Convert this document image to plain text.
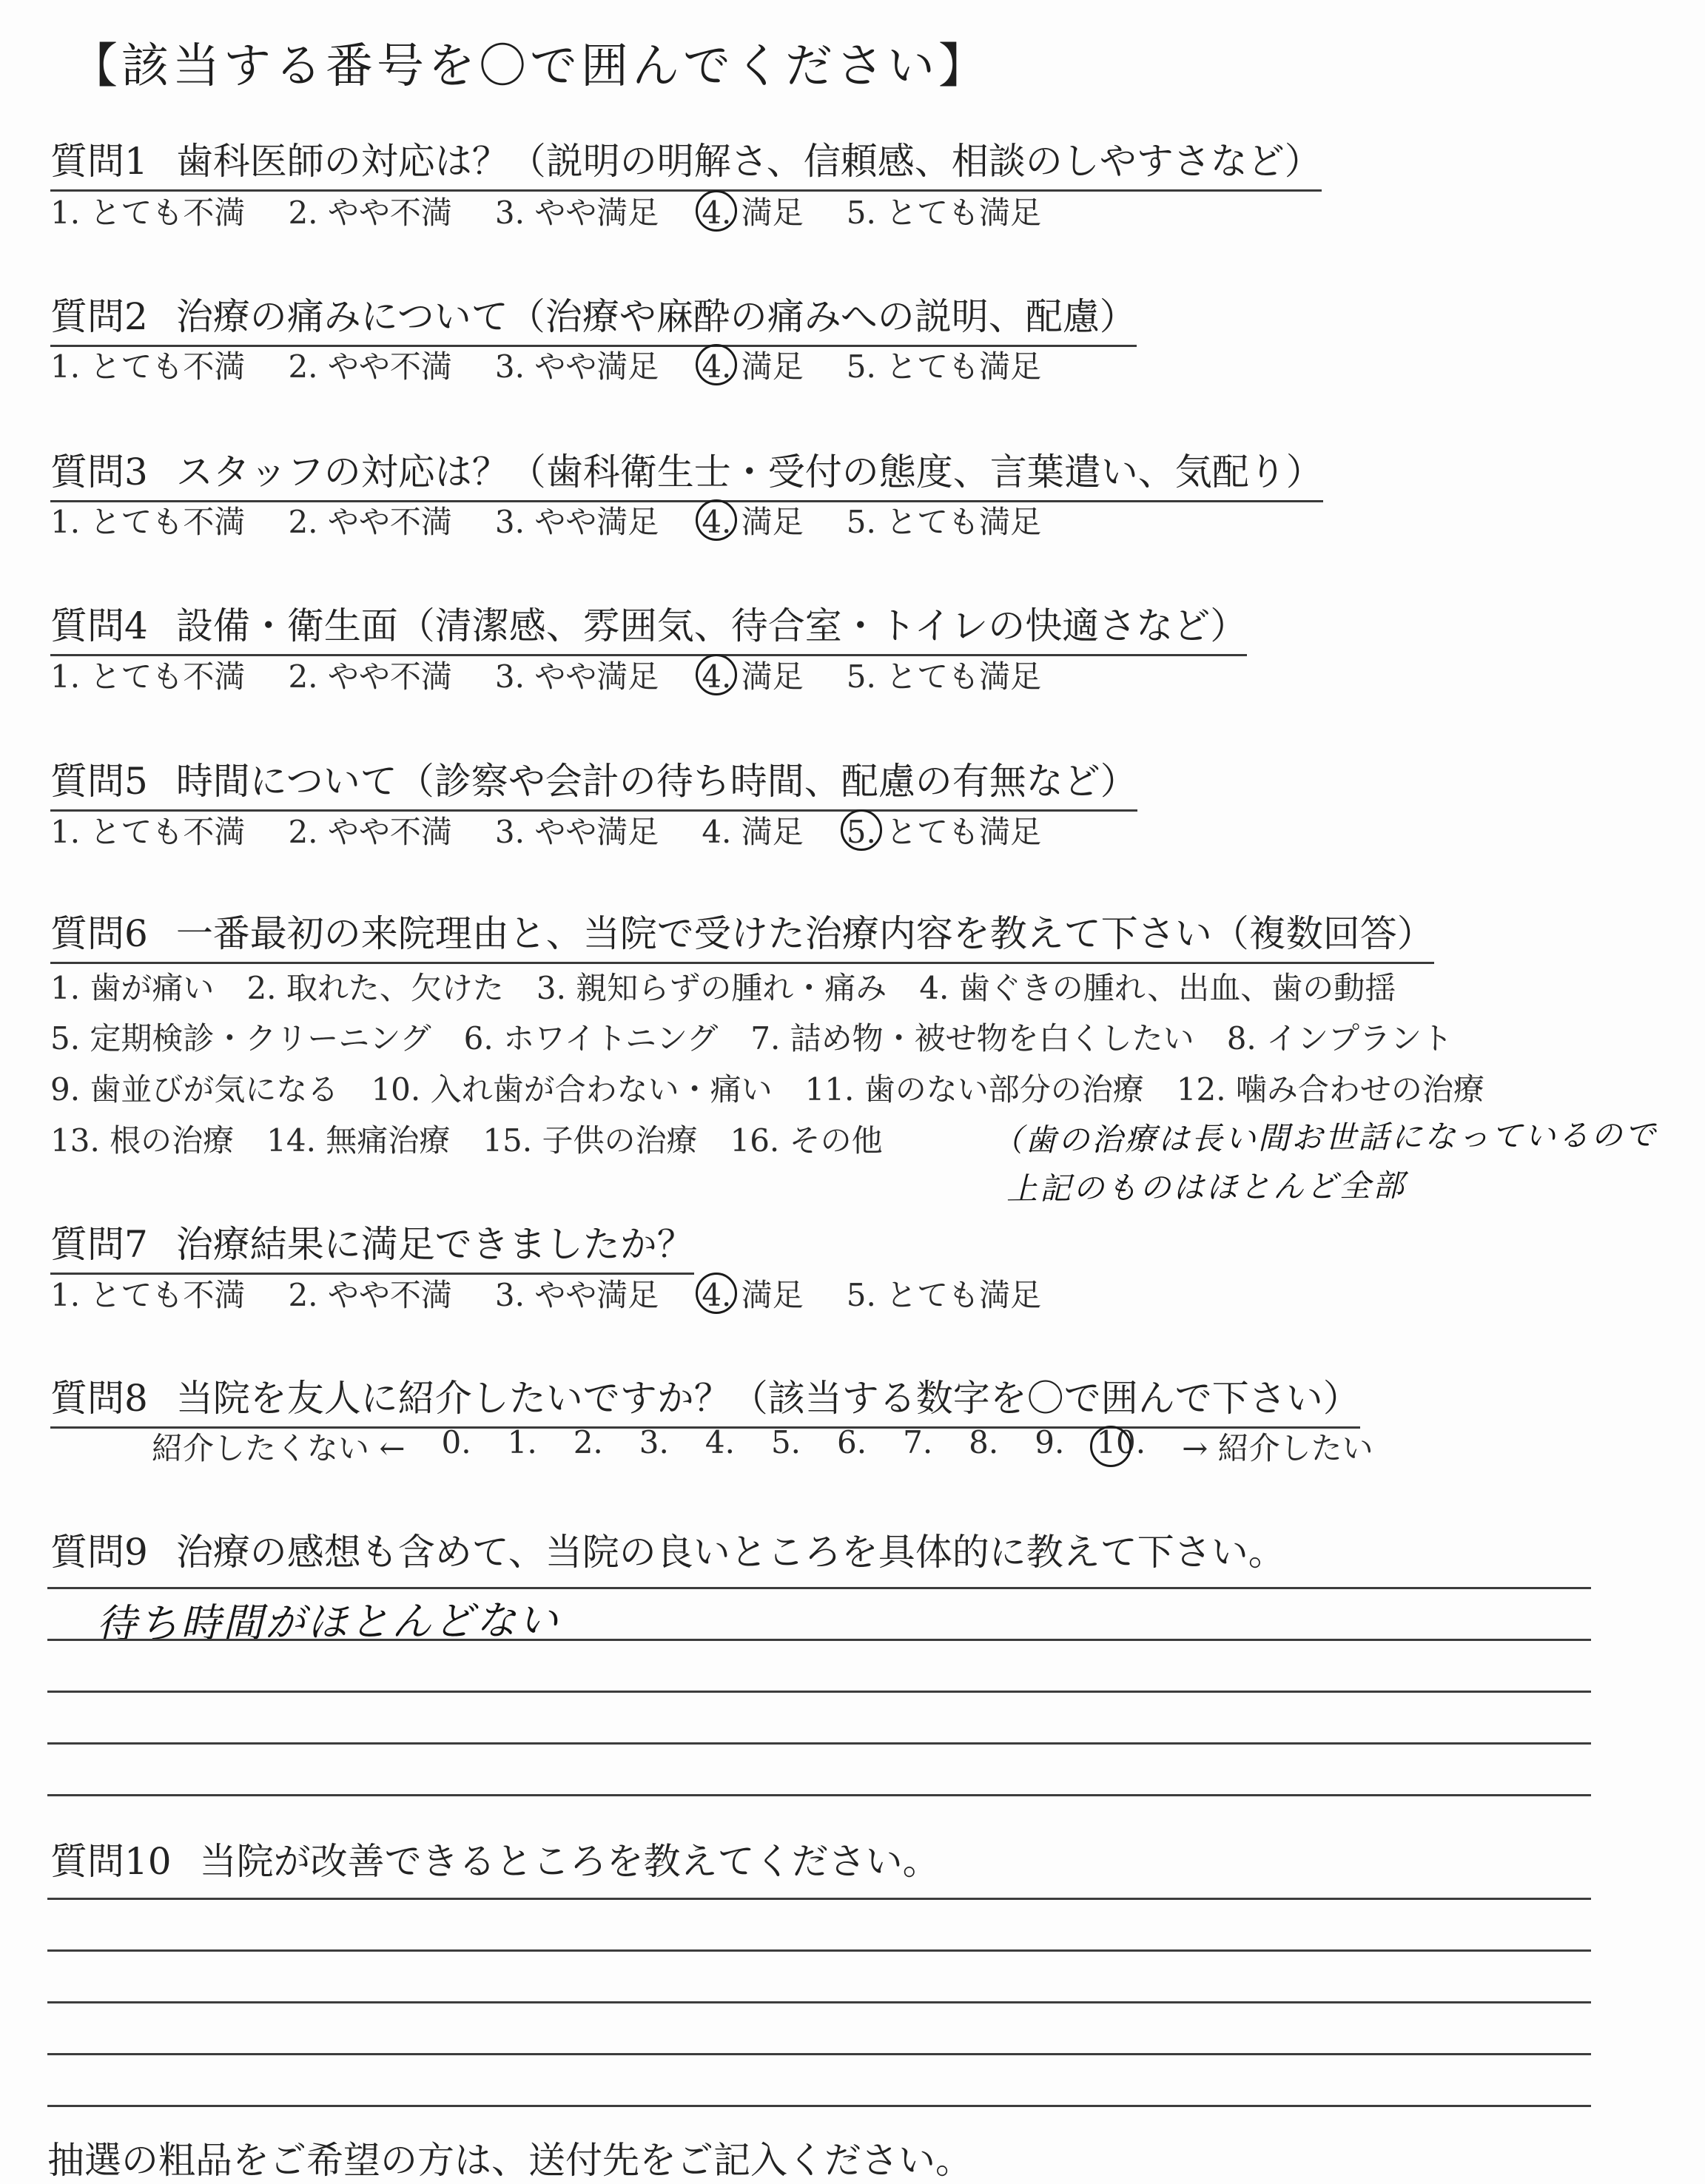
【該当する番号を〇で囲んでください】
質問1 歯科医師の対応は？（説明の明解さ、信頼感、相談のしやすさなど）
1. とても不満 2. やや不満 3. やや満足 4. 満足 5. とても満足
質問2 治療の痛みについて（治療や麻酔の痛みへの説明、配慮）
1. とても不満 2. やや不満 3. やや満足 4. 満足 5. とても満足
質問3 スタッフの対応は？（歯科衛生士・受付の態度、言葉遣い、気配り）
1. とても不満 2. やや不満 3. やや満足 4. 満足 5. とても満足
質問4 設備・衛生面（清潔感、雰囲気、待合室・トイレの快適さなど）
1. とても不満 2. やや不満 3. やや満足 4. 満足 5. とても満足
質問5 時間について（診察や会計の待ち時間、配慮の有無など）
1. とても不満 2. やや不満 3. やや満足 4. 満足 5. とても満足
質問6 一番最初の来院理由と、当院で受けた治療内容を教えて下さい（複数回答）
1. 歯が痛い 2. 取れた、欠けた 3. 親知らずの腫れ・痛み 4. 歯ぐきの腫れ、出血、歯の動揺
5. 定期検診・クリーニング 6. ホワイトニング 7. 詰め物・被せ物を白くしたい 8. インプラント
9. 歯並びが気になる 10. 入れ歯が合わない・痛い 11. 歯のない部分の治療 12. 噛み合わせの治療
13. 根の治療 14. 無痛治療 15. 子供の治療 16. その他	（歯の治療は長い間お世話になっているので
上記のものはほとんど全部
質問7 治療結果に満足できましたか？
1. とても不満 2. やや不満 3. やや満足 4. 満足 5. とても満足
質問8 当院を友人に紹介したいですか？（該当する数字を〇で囲んで下さい）
紹介したくない ← 0. 1. 2. 3. 4. 5. 6. 7. 8. 9. 10. → 紹介したい
質問9 治療の感想も含めて、当院の良いところを具体的に教えて下さい。
待ち時間がほとんどない
質問10 当院が改善できるところを教えてください。
抽選の粗品をご希望の方は、送付先をご記入ください。
